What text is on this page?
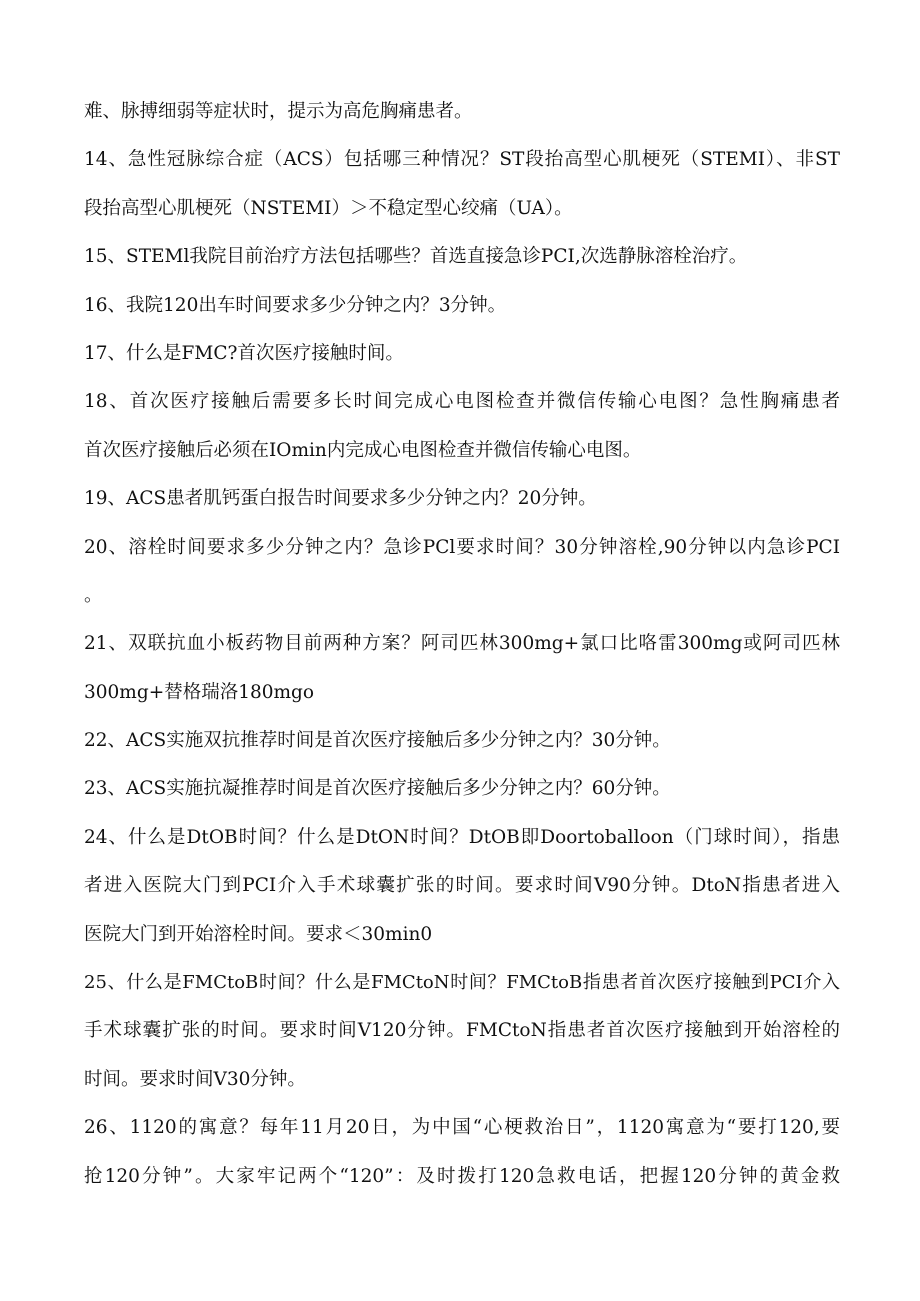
难、脉搏细弱等症状时，提示为高危胸痛患者。
14、急性冠脉综合症（ACS）包括哪三种情况？ST段抬高型心肌梗死（STEMI）、非ST
段抬高型心肌梗死（NSTEMI）＞不稳定型心绞痛（UA）。
15、STEMl我院目前治疗方法包括哪些？首选直接急诊PCI,次选静脉溶栓治疗。
16、我院120出车时间要求多少分钟之内？3分钟。
17、什么是FMC?首次医疗接触时间。
18、首次医疗接触后需要多长时间完成心电图检查并微信传输心电图？急性胸痛患者
首次医疗接触后必须在IOmin内完成心电图检查并微信传输心电图。
19、ACS患者肌钙蛋白报告时间要求多少分钟之内？20分钟。
20、溶栓时间要求多少分钟之内？急诊PCl要求时间？30分钟溶栓,90分钟以内急诊PCI
。
21、双联抗血小板药物目前两种方案？阿司匹林300mg+氯口比咯雷300mg或阿司匹林
300mg+替格瑞洛180mgo
22、ACS实施双抗推荐时间是首次医疗接触后多少分钟之内？30分钟。
23、ACS实施抗凝推荐时间是首次医疗接触后多少分钟之内？60分钟。
24、什么是DtOB时间？什么是DtON时间？DtOB即Doortoballoon（门球时间），指患
者进入医院大门到PCI介入手术球囊扩张的时间。要求时间V90分钟。DtoN指患者进入
医院大门到开始溶栓时间。要求＜30min0
25、什么是FMCtoB时间？什么是FMCtoN时间？FMCtoB指患者首次医疗接触到PCI介入
手术球囊扩张的时间。要求时间V120分钟。FMCtoN指患者首次医疗接触到开始溶栓的
时间。要求时间V30分钟。
26、1120的寓意？每年11月20日，为中国“心梗救治日”，1120寓意为“要打120,要
抢120分钟”。大家牢记两个“120”：及时拨打120急救电话，把握120分钟的黄金救
